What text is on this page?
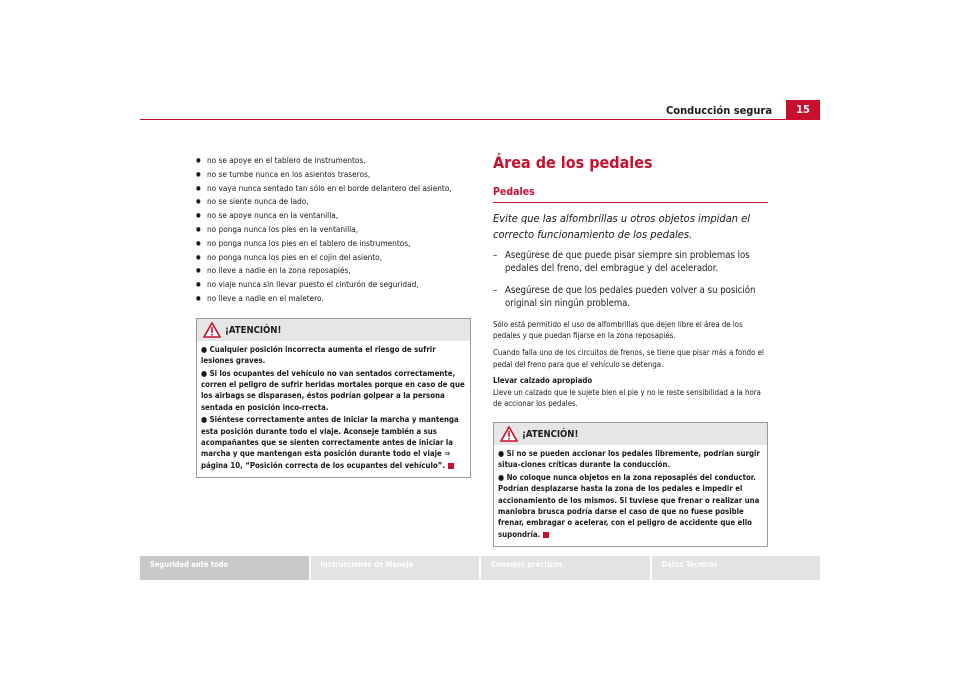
Conducción segura	15
● no se apoye en el tablero de instrumentos,
● no se tumbe nunca en los asientos traseros,
● no vaya nunca sentado tan sólo en el borde delantero del asiento,
● no se siente nunca de lado,
● no se apoye nunca en la ventanilla,
● no ponga nunca los pies en la ventanilla,
● no ponga nunca los pies en el tablero de instrumentos,
● no ponga nunca los pies en el cojín del asiento,
● no lleve a nadie en la zona reposapiés,
● no viaje nunca sin llevar puesto el cinturón de seguridad,
● no lleve a nadie en el maletero.
¡ATENCIÓN!

● Cualquier posición incorrecta aumenta el riesgo de sufrir lesiones graves.

● Si los ocupantes del vehículo no van sentados correctamente, corren el peligro de sufrir heridas mortales porque en caso de que los airbags se disparasen, éstos podrían golpear a la persona sentada en posición inco-rrecta.

● Siéntese correctamente antes de iniciar la marcha y mantenga esta posición durante todo el viaje. Aconseje también a sus acompañantes que se sienten correctamente antes de iniciar la marcha y que mantengan esta posición durante todo el viaje ⇒ página 10, “Posición correcta de los ocupantes del vehículo”.

Área de los pedales
Pedales
Evite que las alfombrillas u otros objetos impidan el correcto funcionamiento de los pedales.
– Asegúrese de que puede pisar siempre sin problemas los pedales del freno, del embrague y del acelerador.
– Asegúrese de que los pedales pueden volver a su posición original sin ningún problema.

Sólo está permitido el uso de alfombrillas que dejen libre el área de los pedales y que puedan fijarse en la zona reposapiés.

Cuando falla uno de los circuitos de frenos, se tiene que pisar más a fondo el pedal del freno para que el vehículo se detenga.

Llevar calzado apropiado

Lleve un calzado que le sujete bien el pie y no le reste sensibilidad a la hora de accionar los pedales.

¡ATENCIÓN!

● Si no se pueden accionar los pedales libremente, podrían surgir situa-ciones críticas durante la conducción.

● No coloque nunca objetos en la zona reposapiés del conductor. Podrían desplazarse hasta la zona de los pedales e impedir el accionamiento de los mismos. Si tuviese que frenar o realizar una maniobra brusca podría darse el caso de que no fuese posible frenar, embragar o acelerar, con el peligro de accidente que ello supondría.

Seguridad ante todo	Instrucciones de Manejo	Consejos prácticos	Datos Técnicos
